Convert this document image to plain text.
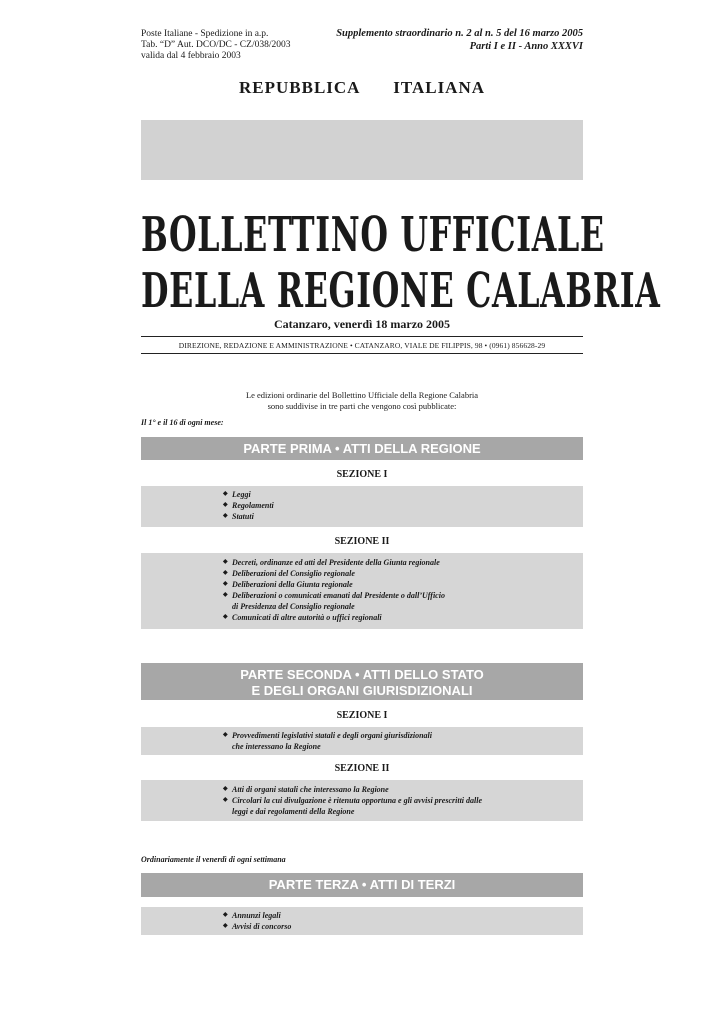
Poste Italiane - Spedizione in a.p.
Tab. “D” Aut. DCO/DC - CZ/038/2003
valida dal 4 febbraio 2003
Supplemento straordinario n. 2 al n. 5 del 16 marzo 2005
Parti I e II - Anno XXXVI
REPUBBLICA   ITALIANA
BOLLETTINO UFFICIALE
DELLA REGIONE CALABRIA
Catanzaro, venerdì 18 marzo 2005
DIREZIONE, REDAZIONE E AMMINISTRAZIONE • CATANZARO, VIALE DE FILIPPIS, 98 • (0961) 856628-29
Le edizioni ordinarie del Bollettino Ufficiale della Regione Calabria
sono suddivise in tre parti che vengono così pubblicate:
Il 1° e il 16 di ogni mese:
PARTE PRIMA • ATTI DELLA REGIONE
SEZIONE I
◆ Leggi
◆ Regolamenti
◆ Statuti
SEZIONE II
◆ Decreti, ordinanze ed atti del Presidente della Giunta regionale
◆ Deliberazioni del Consiglio regionale
◆ Deliberazioni della Giunta regionale
◆ Deliberazioni o comunicati emanati dal Presidente o dall’Ufficio
di Presidenza del Consiglio regionale
◆ Comunicati di altre autorità o uffici regionali
PARTE SECONDA • ATTI DELLO STATO
E DEGLI ORGANI GIURISDIZIONALI
SEZIONE I
◆ Provvedimenti legislativi statali e degli organi giurisdizionali
che interessano la Regione
SEZIONE II
◆ Atti di organi statali che interessano la Regione
◆ Circolari la cui divulgazione è ritenuta opportuna e gli avvisi prescritti dalle
leggi e dai regolamenti della Regione
Ordinariamente il venerdì di ogni settimana
PARTE TERZA • ATTI DI TERZI
◆ Annunzi legali
◆ Avvisi di concorso
